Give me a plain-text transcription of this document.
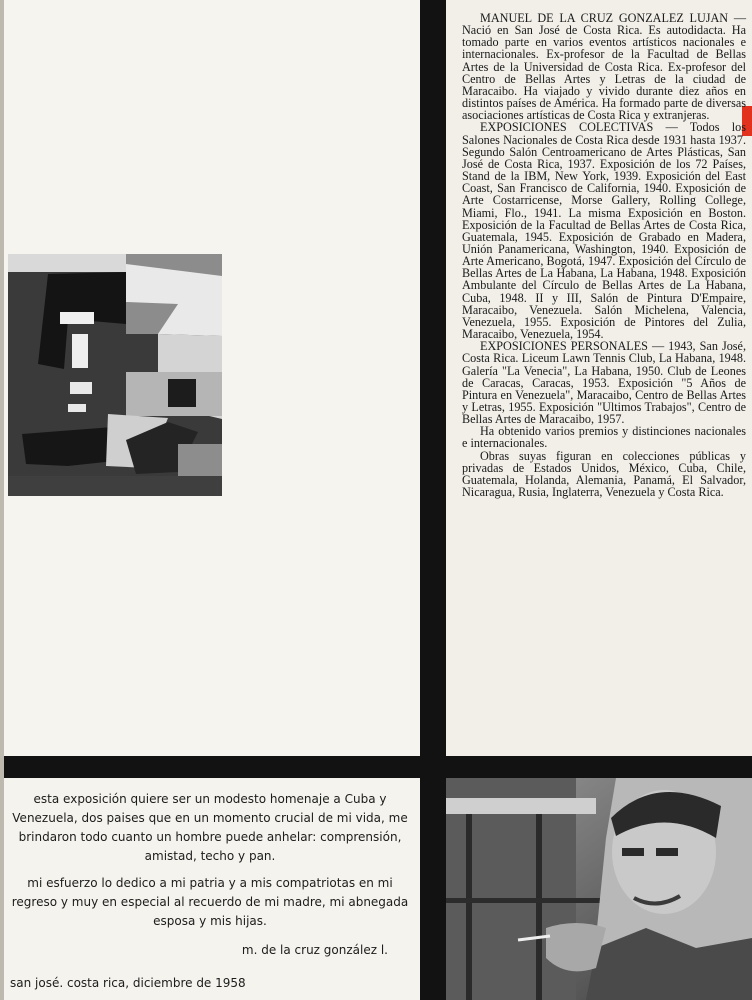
MANUEL DE LA CRUZ GONZALEZ LUJAN — Nació en San José de Costa Rica. Es autodidacta. Ha tomado parte en varios eventos artísticos nacionales e internacionales. Ex-profesor de la Facultad de Bellas Artes de la Universidad de Costa Rica. Ex-profesor del Centro de Bellas Artes y Letras de la ciudad de Maracaibo. Ha viajado y vivido durante diez años en distintos países de América. Ha formado parte de diversas asociaciones artísticas de Costa Rica y extranjeras.

EXPOSICIONES COLECTIVAS — Todos los Salones Nacionales de Costa Rica desde 1931 hasta 1937. Segundo Salón Centroamericano de Artes Plásticas, San José de Costa Rica, 1937. Exposición de los 72 Países, Stand de la IBM, New York, 1939. Exposición del East Coast, San Francisco de California, 1940. Exposición de Arte Costarricense, Morse Gallery, Rolling College, Miami, Flo., 1941. La misma Exposición en Boston. Exposición de la Facultad de Bellas Artes de Costa Rica, Guatemala, 1945. Exposición de Grabado en Madera, Unión Panamericana, Washington, 1940. Exposición de Arte Americano, Bogotá, 1947. Exposición del Círculo de Bellas Artes de La Habana, La Habana, 1948. Exposición Ambulante del Círculo de Bellas Artes de La Habana, Cuba, 1948. II y III, Salón de Pintura D'Empaire, Maracaibo, Venezuela. Salón Michelena, Valencia, Venezuela, 1955. Exposición de Pintores del Zulia, Maracaibo, Venezuela, 1954.

EXPOSICIONES PERSONALES — 1943, San José, Costa Rica. Liceum Lawn Tennis Club, La Habana, 1948. Galería "La Venecia", La Habana, 1950. Club de Leones de Caracas, Caracas, 1953. Exposición "5 Años de Pintura en Venezuela", Maracaibo, Centro de Bellas Artes y Letras, 1955. Exposición "Ultimos Trabajos", Centro de Bellas Artes de Maracaibo, 1957.

Ha obtenido varios premios y distinciones nacionales e internacionales.

Obras suyas figuran en colecciones públicas y privadas de Estados Unidos, México, Cuba, Chile, Guatemala, Holanda, Alemania, Panamá, El Salvador, Nicaragua, Rusia, Inglaterra, Venezuela y Costa Rica.

esta exposición quiere ser un modesto homenaje a Cuba y Venezuela, dos paises que en un momento crucial de mi vida, me brindaron todo cuanto un hombre puede anhelar: comprensión, amistad, techo y pan.

mi esfuerzo lo dedico a mi patria y a mis compatriotas en mi regreso y muy en especial al recuerdo de mi madre, mi abnegada esposa y mis hijas.

m. de la cruz gonzález l.

san josé. costa rica, diciembre de 1958
